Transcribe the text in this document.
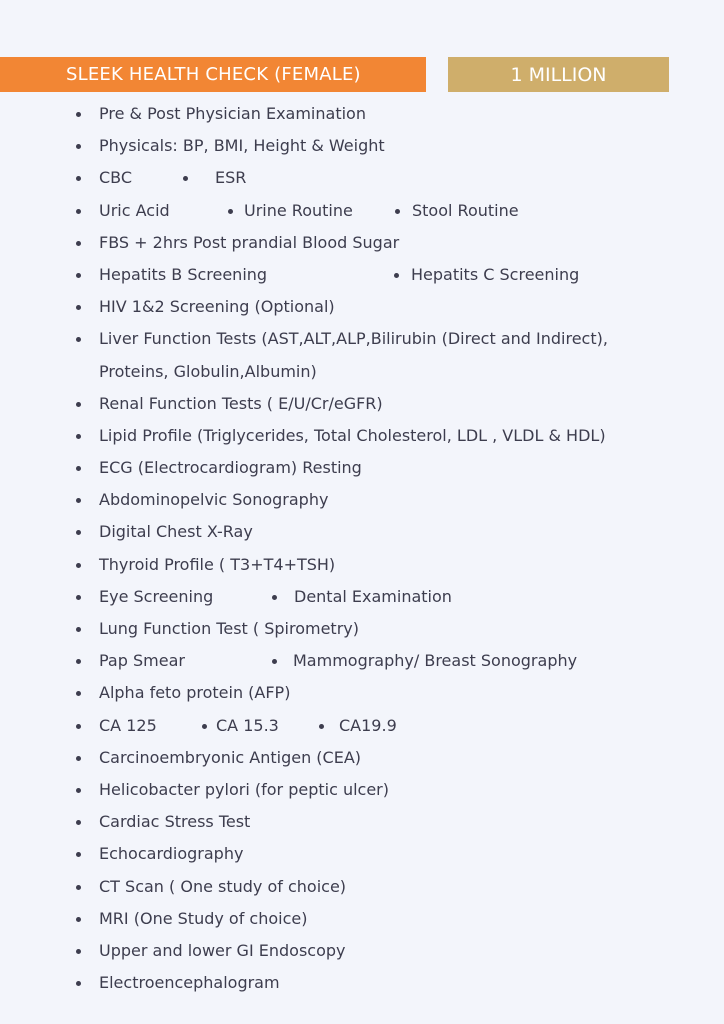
SLEEK HEALTH CHECK (FEMALE)	1 MILLION
Pre & Post Physician Examination
Physicals: BP, BMI, Height & Weight
CBC	ESR
Uric Acid	Urine Routine	Stool Routine
FBS + 2hrs Post prandial Blood Sugar
Hepatits B Screening	Hepatits C Screening
HIV 1&2 Screening (Optional)
Liver Function Tests (AST,ALT,ALP,Bilirubin (Direct and Indirect),
Proteins, Globulin,Albumin)
Renal Function Tests ( E/U/Cr/eGFR)
Lipid Profile (Triglycerides, Total Cholesterol, LDL , VLDL & HDL)
ECG (Electrocardiogram) Resting
Abdominopelvic Sonography
Digital Chest X-Ray
Thyroid Profile ( T3+T4+TSH)
Eye Screening	Dental Examination
Lung Function Test ( Spirometry)
Pap Smear	Mammography/ Breast Sonography
Alpha feto protein (AFP)
CA 125	CA 15.3	CA19.9
Carcinoembryonic Antigen (CEA)
Helicobacter pylori (for peptic ulcer)
Cardiac Stress Test
Echocardiography
CT Scan ( One study of choice)
MRI (One Study of choice)
Upper and lower GI Endoscopy
Electroencephalogram
